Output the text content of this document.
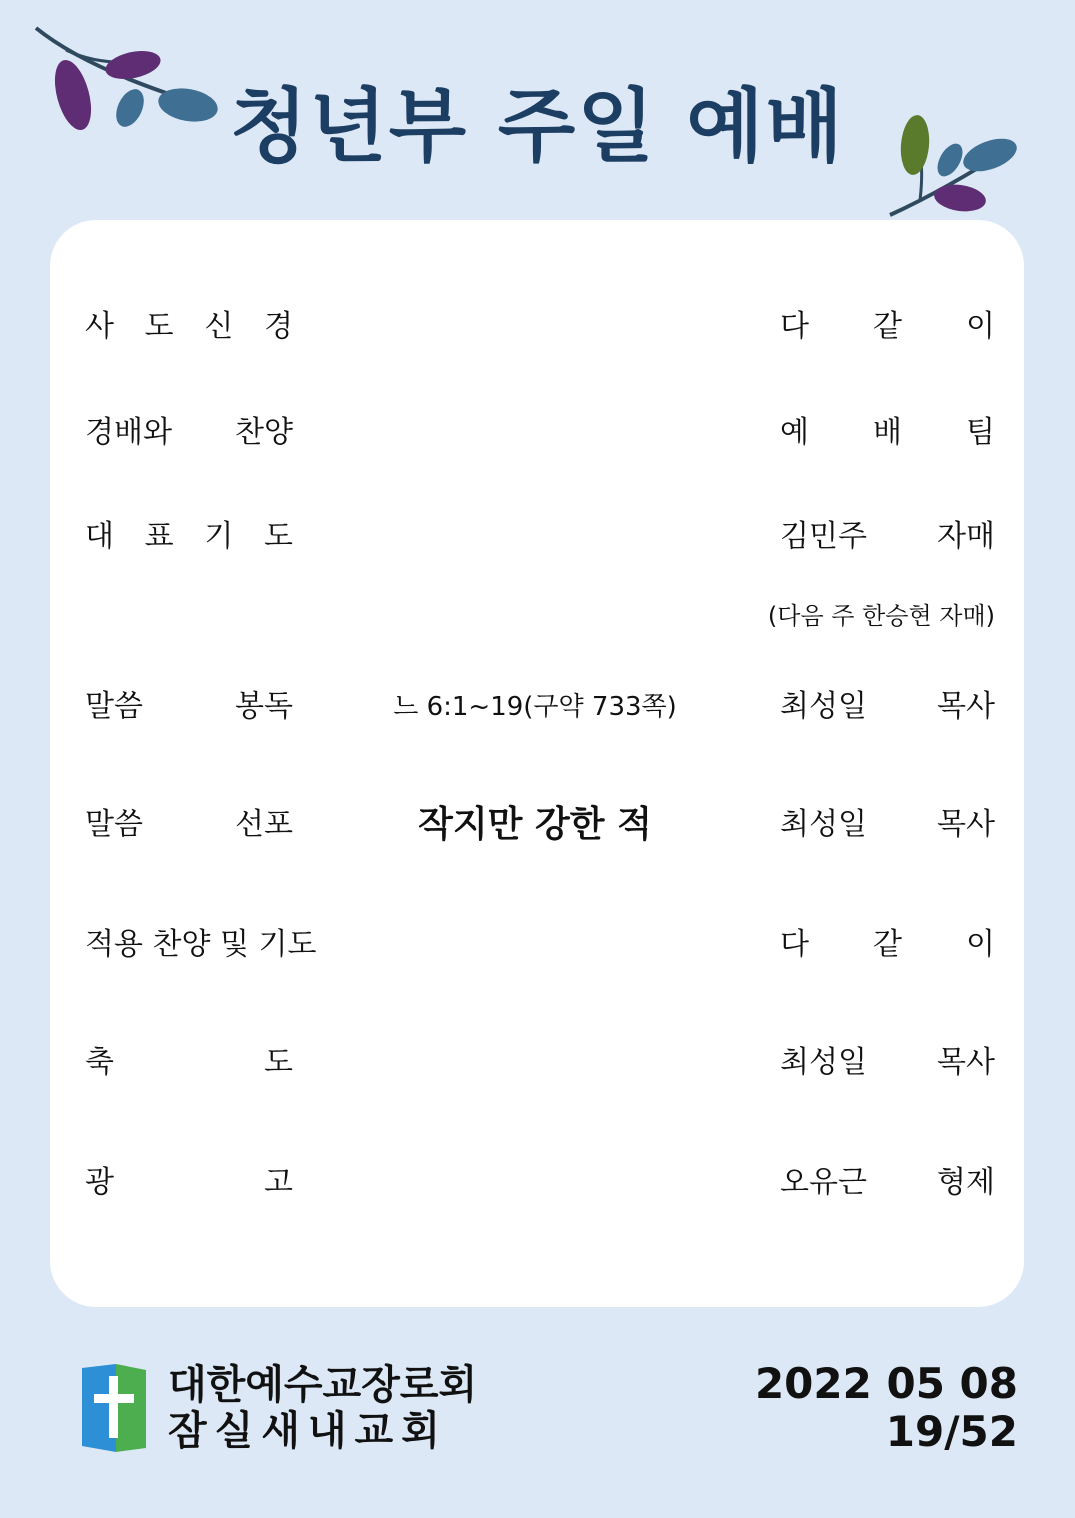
청년부 주일 예배
사 도 신 경	다 같 이
경배와 찬양	예 배 팀
대 표 기 도	김민주 자매
(다음 주 한승현 자매)
말씀 봉독	느 6:1~19(구약 733쪽)	최성일 목사
말씀 선포	작지만 강한 적	최성일 목사
적용 찬양 및 기도	다 같 이
축 도	최성일 목사
광 고	오유근 형제
대한예수교장로회
잠실새내교회
2022 05 08
19/52
